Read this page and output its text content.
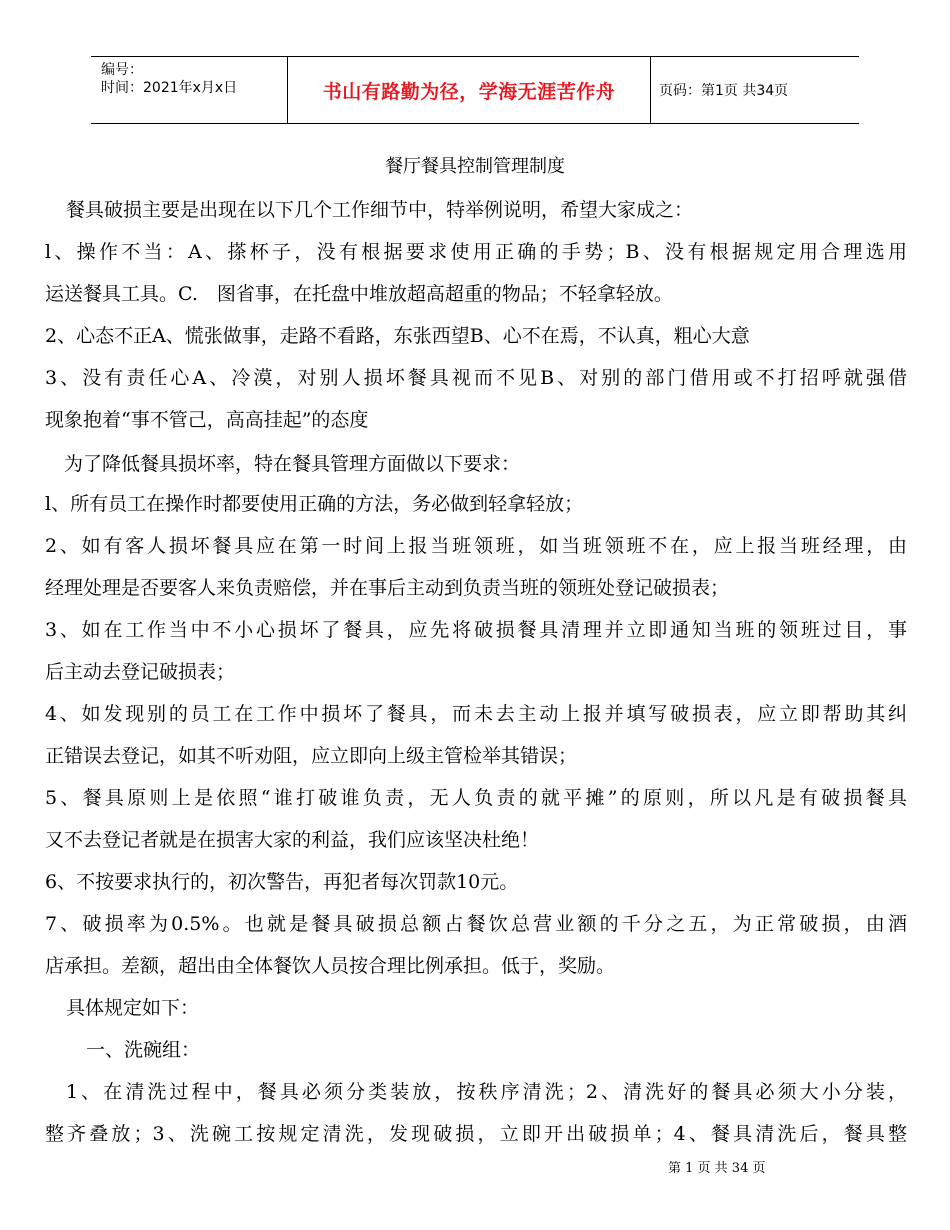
编号：
时间：2021年x月x日	书山有路勤为径，学海无涯苦作舟	页码：第1页 共34页
餐厅餐具控制管理制度
餐具破损主要是出现在以下几个工作细节中，特举例说明，希望大家成之：
l、操作不当：A、搽杯子，没有根据要求使用正确的手势；B、没有根据规定用合理选用
运送餐具工具。C.　图省事，在托盘中堆放超高超重的物品；不轻拿轻放。
2、心态不正A、慌张做事，走路不看路，东张西望B、心不在焉，不认真，粗心大意
3、没有责任心A、冷漠，对别人损坏餐具视而不见B、对别的部门借用或不打招呼就强借
现象抱着“事不管己，高高挂起”的态度
为了降低餐具损坏率，特在餐具管理方面做以下要求：
l、所有员工在操作时都要使用正确的方法，务必做到轻拿轻放；
2、如有客人损坏餐具应在第一时间上报当班领班，如当班领班不在，应上报当班经理，由
经理处理是否要客人来负责赔偿，并在事后主动到负责当班的领班处登记破损表；
3、如在工作当中不小心损坏了餐具，应先将破损餐具清理并立即通知当班的领班过目，事
后主动去登记破损表；
4、如发现别的员工在工作中损坏了餐具，而未去主动上报并填写破损表，应立即帮助其纠
正错误去登记，如其不听劝阻，应立即向上级主管检举其错误；
5、餐具原则上是依照“谁打破谁负责，无人负责的就平摊”的原则，所以凡是有破损餐具
又不去登记者就是在损害大家的利益，我们应该坚决杜绝！
6、不按要求执行的，初次警告，再犯者每次罚款10元。
7、破损率为0.5%。也就是餐具破损总额占餐饮总营业额的千分之五，为正常破损，由酒
店承担。差额，超出由全体餐饮人员按合理比例承担。低于，奖励。
具体规定如下：
一、洗碗组：
1、在清洗过程中，餐具必须分类装放，按秩序清洗；2、清洗好的餐具必须大小分装，
整齐叠放；3、洗碗工按规定清洗，发现破损，立即开出破损单；4、餐具清洗后，餐具整
第 1 页 共 34 页
